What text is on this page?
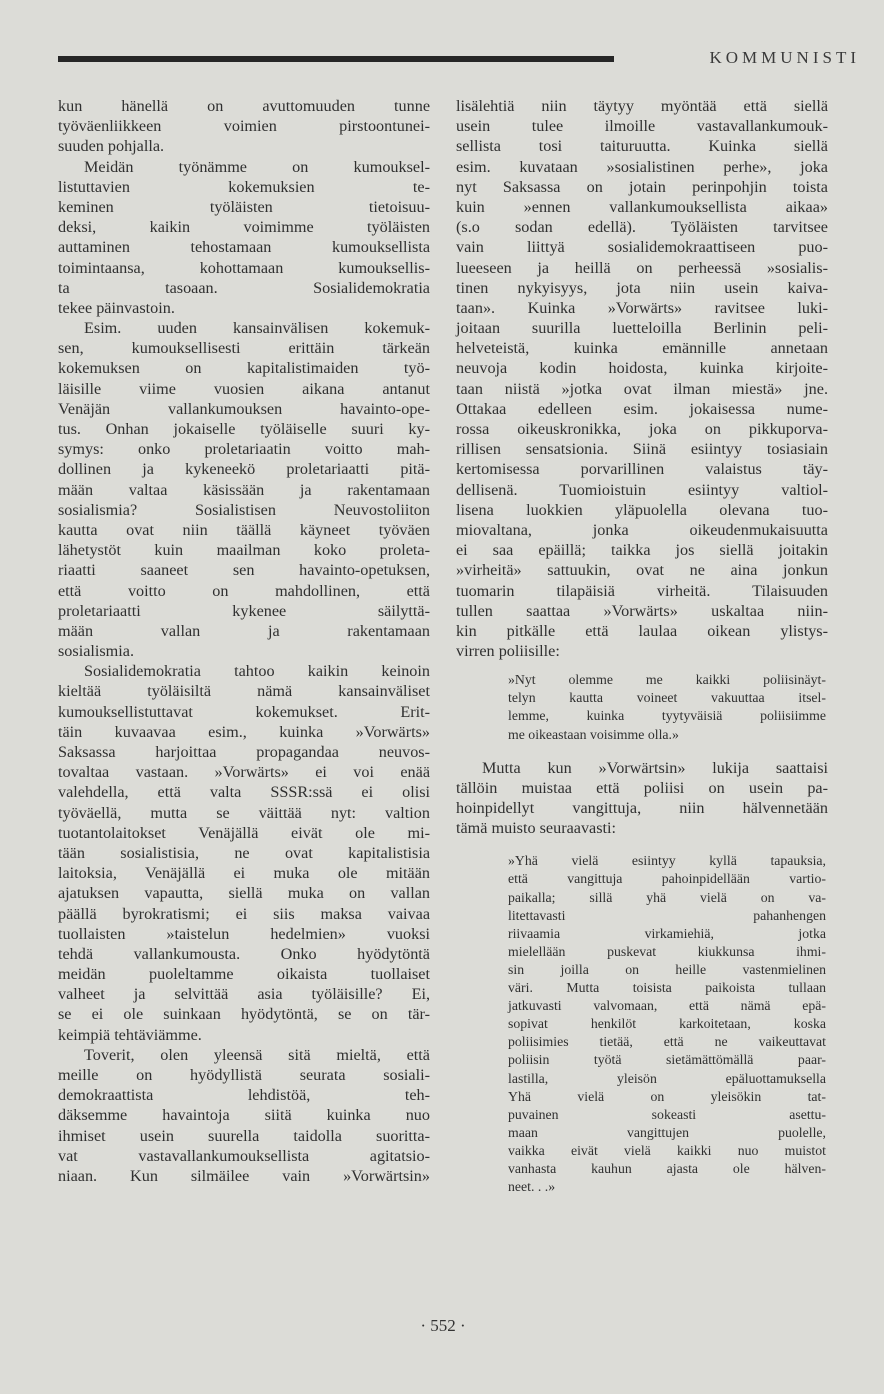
KOMMUNISTI
kun hänellä on avuttomuuden tunne
työväenliikkeen voimien pirstoontunei-
suuden pohjalla.
Meidän työnämme on kumouksel-
listuttavien kokemuksien te-
keminen työläisten tietoisuu-
deksi, kaikin voimimme työläisten
auttaminen tehostamaan kumouksellista
toimintaansa, kohottamaan kumouksellis-
ta tasoaan. Sosialidemokratia
tekee päinvastoin.
Esim. uuden kansainvälisen kokemuk-
sen, kumouksellisesti erittäin tärkeän
kokemuksen on kapitalistimaiden työ-
läisille viime vuosien aikana antanut
Venäjän vallankumouksen havainto-ope-
tus. Onhan jokaiselle työläiselle suuri ky-
symys: onko proletariaatin voitto mah-
dollinen ja kykeneekö proletariaatti pitä-
mään valtaa käsissään ja rakentamaan
sosialismia? Sosialistisen Neuvostoliiton
kautta ovat niin täällä käyneet työväen
lähetystöt kuin maailman koko proleta-
riaatti saaneet sen havainto-opetuksen,
että voitto on mahdollinen, että
proletariaatti kykenee säilyttä-
mään vallan ja rakentamaan
sosialismia.
Sosialidemokratia tahtoo kaikin keinoin
kieltää työläisiltä nämä kansainväliset
kumouksellistuttavat kokemukset. Erit-
täin kuvaavaa esim., kuinka »Vorwärts»
Saksassa harjoittaa propagandaa neuvos-
tovaltaa vastaan. »Vorwärts» ei voi enää
valehdella, että valta SSSR:ssä ei olisi
työväellä, mutta se väittää nyt: valtion
tuotantolaitokset Venäjällä eivät ole mi-
tään sosialistisia, ne ovat kapitalistisia
laitoksia, Venäjällä ei muka ole mitään
ajatuksen vapautta, siellä muka on vallan
päällä byrokratismi; ei siis maksa vaivaa
tuollaisten »taistelun hedelmien» vuoksi
tehdä vallankumousta. Onko hyödytöntä
meidän puoleltamme oikaista tuollaiset
valheet ja selvittää asia työläisille? Ei,
se ei ole suinkaan hyödytöntä, se on tär-
keimpiä tehtäviämme.
Toverit, olen yleensä sitä mieltä, että
meille on hyödyllistä seurata sosiali-
demokraattista lehdistöä, teh-
däksemme havaintoja siitä kuinka nuo
ihmiset usein suurella taidolla suoritta-
vat vastavallankumouksellista agitatsio-
niaan. Kun silmäilee vain »Vorwärtsin»
lisälehtiä niin täytyy myöntää että siellä
usein tulee ilmoille vastavallankumouk-
sellista tosi taituruutta. Kuinka siellä
esim. kuvataan »sosialistinen perhe», joka
nyt Saksassa on jotain perinpohjin toista
kuin »ennen vallankumouksellista aikaa»
(s.o sodan edellä). Työläisten tarvitsee
vain liittyä sosialidemokraattiseen puo-
lueeseen ja heillä on perheessä »sosialis-
tinen nykyisyys, jota niin usein kaiva-
taan». Kuinka »Vorwärts» ravitsee luki-
joitaan suurilla luetteloilla Berlinin peli-
helveteistä, kuinka emännille annetaan
neuvoja kodin hoidosta, kuinka kirjoite-
taan niistä »jotka ovat ilman miestä» jne.
Ottakaa edelleen esim. jokaisessa nume-
rossa oikeuskronikka, joka on pikkuporva-
rillisen sensatsionia. Siinä esiintyy tosiasiain
kertomisessa porvarillinen valaistus täy-
dellisenä. Tuomioistuin esiintyy valtiol-
lisena luokkien yläpuolella olevana tuo-
miovaltana, jonka oikeudenmukaisuutta
ei saa epäillä; taikka jos siellä joitakin
»virheitä» sattuukin, ovat ne aina jonkun
tuomarin tilapäisiä virheitä. Tilaisuuden
tullen saattaa »Vorwärts» uskaltaa niin-
kin pitkälle että laulaa oikean ylistys-
virren poliisille:
»Nyt olemme me kaikki poliisinäyt-
telyn kautta voineet vakuuttaa itsel-
lemme, kuinka tyytyväisiä poliisiimme
me oikeastaan voisimme olla.»
Mutta kun »Vorwärtsin» lukija saattaisi
tällöin muistaa että poliisi on usein pa-
hoinpidellyt vangittuja, niin hälvennetään
tämä muisto seuraavasti:
»Yhä vielä esiintyy kyllä tapauksia,
että vangittuja pahoinpidellään vartio-
paikalla; sillä yhä vielä on va-
litettavasti pahanhengen
riivaamia virkamiehiä, jotka
mielellään puskevat kiukkunsa ihmi-
sin joilla on heille vastenmielinen
väri. Mutta toisista paikoista tullaan
jatkuvasti valvomaan, että nämä epä-
sopivat henkilöt karkoitetaan, koska
poliisimies tietää, että ne vaikeuttavat
poliisin työtä sietämättömällä paar-
lastilla, yleisön epäluottamuksella
Yhä vielä on yleisökin tat-
puvainen sokeasti asettu-
maan vangittujen puolelle,
vaikka eivät vielä kaikki nuo muistot
vanhasta kauhun ajasta ole hälven-
neet. . .»
· 552 ·
